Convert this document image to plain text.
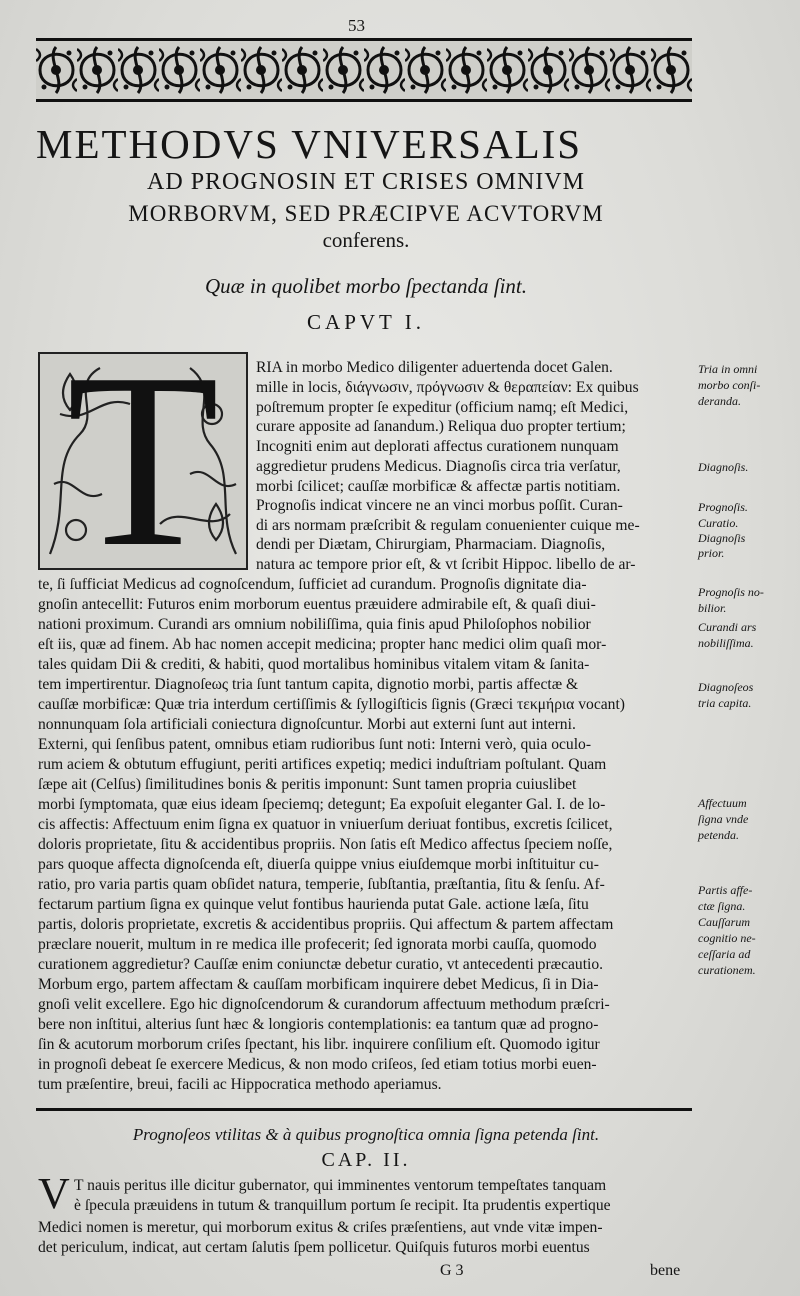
53
METHODVS VNIVERSALIS
AD PROGNOSIN ET CRISES OMNIVM
MORBORVM, SED PRÆCIPVE ACVTORVM
conferens.
Quæ in quolibet morbo ſpectanda ſint.
CAPVT I.
T	RIA in morbo Medico diligenter aduertenda docet Galen.
mille in locis, διάγνωσιν, πρόγνωσιν & θεραπείαν: Ex quibus
poſtremum propter ſe expeditur (officium namq; eſt Medici,
curare apposite ad ſanandum.) Reliqua duo propter tertium;
Incogniti enim aut deplorati affectus curationem nunquam
aggredietur prudens Medicus. Diagnoſis circa tria verſatur,
morbi ſcilicet; cauſſæ morbificæ & affectæ partis notitiam.
Prognoſis indicat vincere ne an vinci morbus poſſit. Curan-
di ars normam præſcribit & regulam conuenienter cuique me-
dendi per Diætam, Chirurgiam, Pharmaciam. Diagnoſis,
natura ac tempore prior eſt, & vt ſcribit Hippoc. libello de ar-
te, ſi ſufficiat Medicus ad cognoſcendum, ſufficiet ad curandum. Prognoſis dignitate dia-
gnoſin antecellit: Futuros enim morborum euentus præuidere admirabile eſt, & quaſi diui-
nationi proximum. Curandi ars omnium nobiliſſima, quia finis apud Philoſophos nobilior
eſt iis, quæ ad finem. Ab hac nomen accepit medicina; propter hanc medici olim quaſi mor-
tales quidam Dii & crediti, & habiti, quod mortalibus hominibus vitalem vitam & ſanita-
tem impertirentur. Diagnoſeως tria ſunt tantum capita, dignotio morbi, partis affectæ &
cauſſæ morbificæ: Quæ tria interdum certiſſimis & ſyllogiſticis ſignis (Græci τεκμήρια vocant)
nonnunquam ſola artificiali coniectura dignoſcuntur. Morbi aut externi ſunt aut interni.
Externi, qui ſenſibus patent, omnibus etiam rudioribus ſunt noti: Interni verò, quia oculo-
rum aciem & obtutum effugiunt, periti artifices expetiq; medici induſtriam poſtulant. Quam
ſæpe ait (Celſus) ſimilitudines bonis & peritis imponunt: Sunt tamen propria cuiuslibet
morbi ſymptomata, quæ eius ideam ſpeciemq; detegunt; Ea expoſuit eleganter Gal. I. de lo-
cis affectis: Affectuum enim ſigna ex quatuor in vniuerſum deriuat fontibus, excretis ſcilicet,
doloris proprietate, ſitu & accidentibus propriis. Non ſatis eſt Medico affectus ſpeciem noſſe,
pars quoque affecta dignoſcenda eſt, diuerſa quippe vnius eiuſdemque morbi inſtituitur cu-
ratio, pro varia partis quam obſidet natura, temperie, ſubſtantia, præſtantia, ſitu & ſenſu. Af-
fectarum partium ſigna ex quinque velut fontibus haurienda putat Gale. actione læſa, ſitu
partis, doloris proprietate, excretis & accidentibus propriis. Qui affectum & partem affectam
præclare nouerit, multum in re medica ille profecerit; ſed ignorata morbi cauſſa, quomodo
curationem aggredietur? Cauſſæ enim coniunctæ debetur curatio, vt antecedenti præcautio.
Morbum ergo, partem affectam & cauſſam morbificam inquirere debet Medicus, ſi in Dia-
gnoſi velit excellere. Ego hic dignoſcendorum & curandorum affectuum methodum præſcri-
bere non inſtitui, alterius ſunt hæc & longioris contemplationis: ea tantum quæ ad progno-
ſin & acutorum morborum criſes ſpectant, his libr. inquirere conſilium eſt. Quomodo igitur
in prognoſi debeat ſe exercere Medicus, & non modo criſeos, ſed etiam totius morbi euen-
tum præſentire, breui, facili ac Hippocratica methodo aperiamus.
Tria in omni
morbo conſi-
deranda.
Diagnoſis.
Prognoſis.
Curatio.
Diagnoſis
prior.
Prognoſis no-
bilior.
Curandi ars
nobiliſſima.
Diagnoſeos
tria capita.
Affectuum
ſigna vnde
petenda.
Partis affe-
ctæ ſigna.
Cauſſarum
cognitio ne-
ceſſaria ad
curationem.
Prognoſeos vtilitas & à quibus prognoſtica omnia ſigna petenda ſint.
CAP. II.
V T nauis peritus ille dicitur gubernator, qui imminentes ventorum tempeſtates tanquam
è ſpecula præuidens in tutum & tranquillum portum ſe recipit. Ita prudentis expertique
Medici nomen is meretur, qui morborum exitus & criſes præſentiens, aut vnde vitæ impen-
det periculum, indicat, aut certam ſalutis ſpem pollicetur. Quiſquis futuros morbi euentus
G 3	bene
